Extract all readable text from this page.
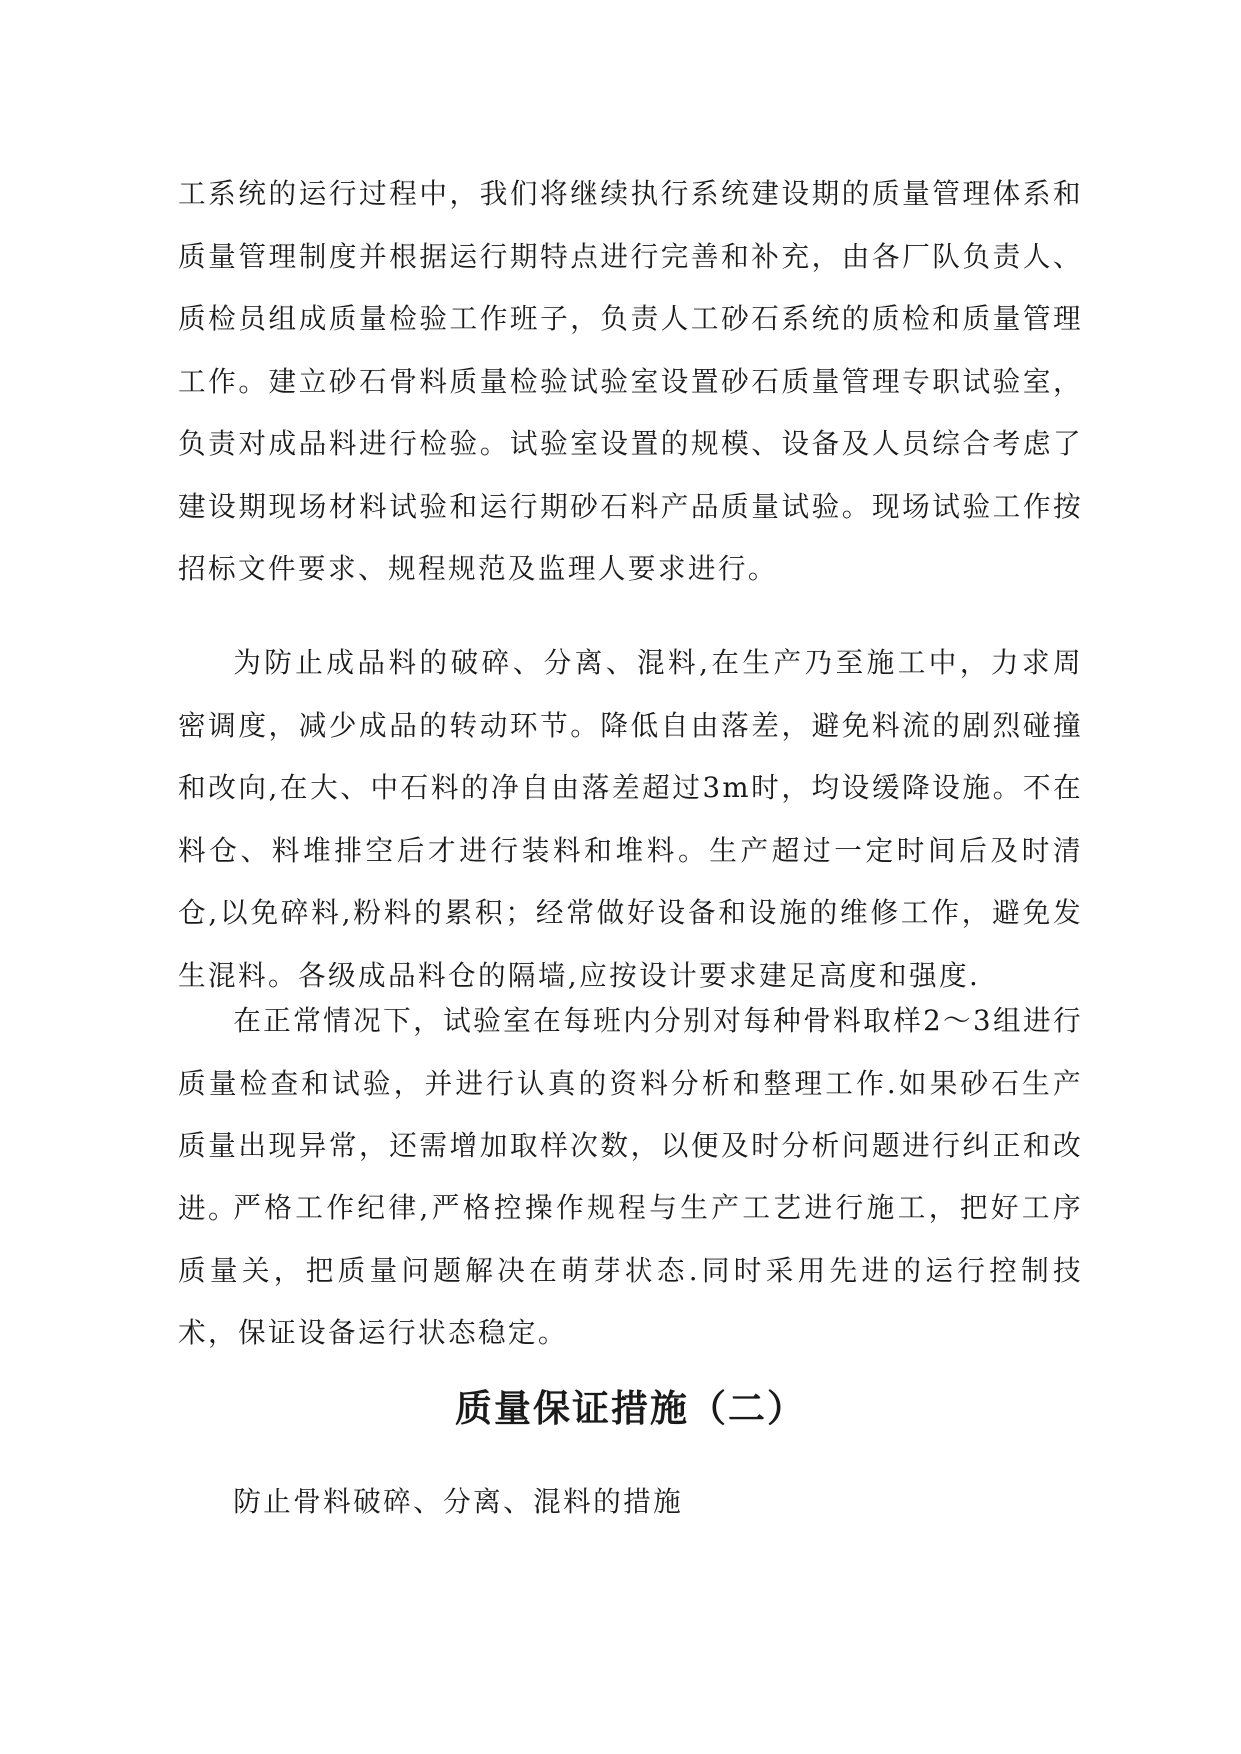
工系统的运行过程中，我们将继续执行系统建设期的质量管理体系和质量管理制度并根据运行期特点进行完善和补充，由各厂队负责人、质检员组成质量检验工作班子，负责人工砂石系统的质检和质量管理工作。建立砂石骨料质量检验试验室设置砂石质量管理专职试验室，负责对成品料进行检验。试验室设置的规模、设备及人员综合考虑了建设期现场材料试验和运行期砂石料产品质量试验。现场试验工作按招标文件要求、规程规范及监理人要求进行。

为防止成品料的破碎、分离、混料,在生产乃至施工中，力求周密调度，减少成品的转动环节。降低自由落差，避免料流的剧烈碰撞和改向,在大、中石料的净自由落差超过3m时，均设缓降设施。不在料仓、料堆排空后才进行装料和堆料。生产超过一定时间后及时清仓,以免碎料,粉料的累积；经常做好设备和设施的维修工作，避免发生混料。各级成品料仓的隔墙,应按设计要求建足高度和强度.

在正常情况下，试验室在每班内分别对每种骨料取样2～3组进行质量检查和试验，并进行认真的资料分析和整理工作.如果砂石生产质量出现异常，还需增加取样次数，以便及时分析问题进行纠正和改进。

严格工作纪律,严格控操作规程与生产工艺进行施工，把好工序质量关，把质量问题解决在萌芽状态.同时采用先进的运行控制技术，保证设备运行状态稳定。

质量保证措施（二）
防止骨料破碎、分离、混料的措施
